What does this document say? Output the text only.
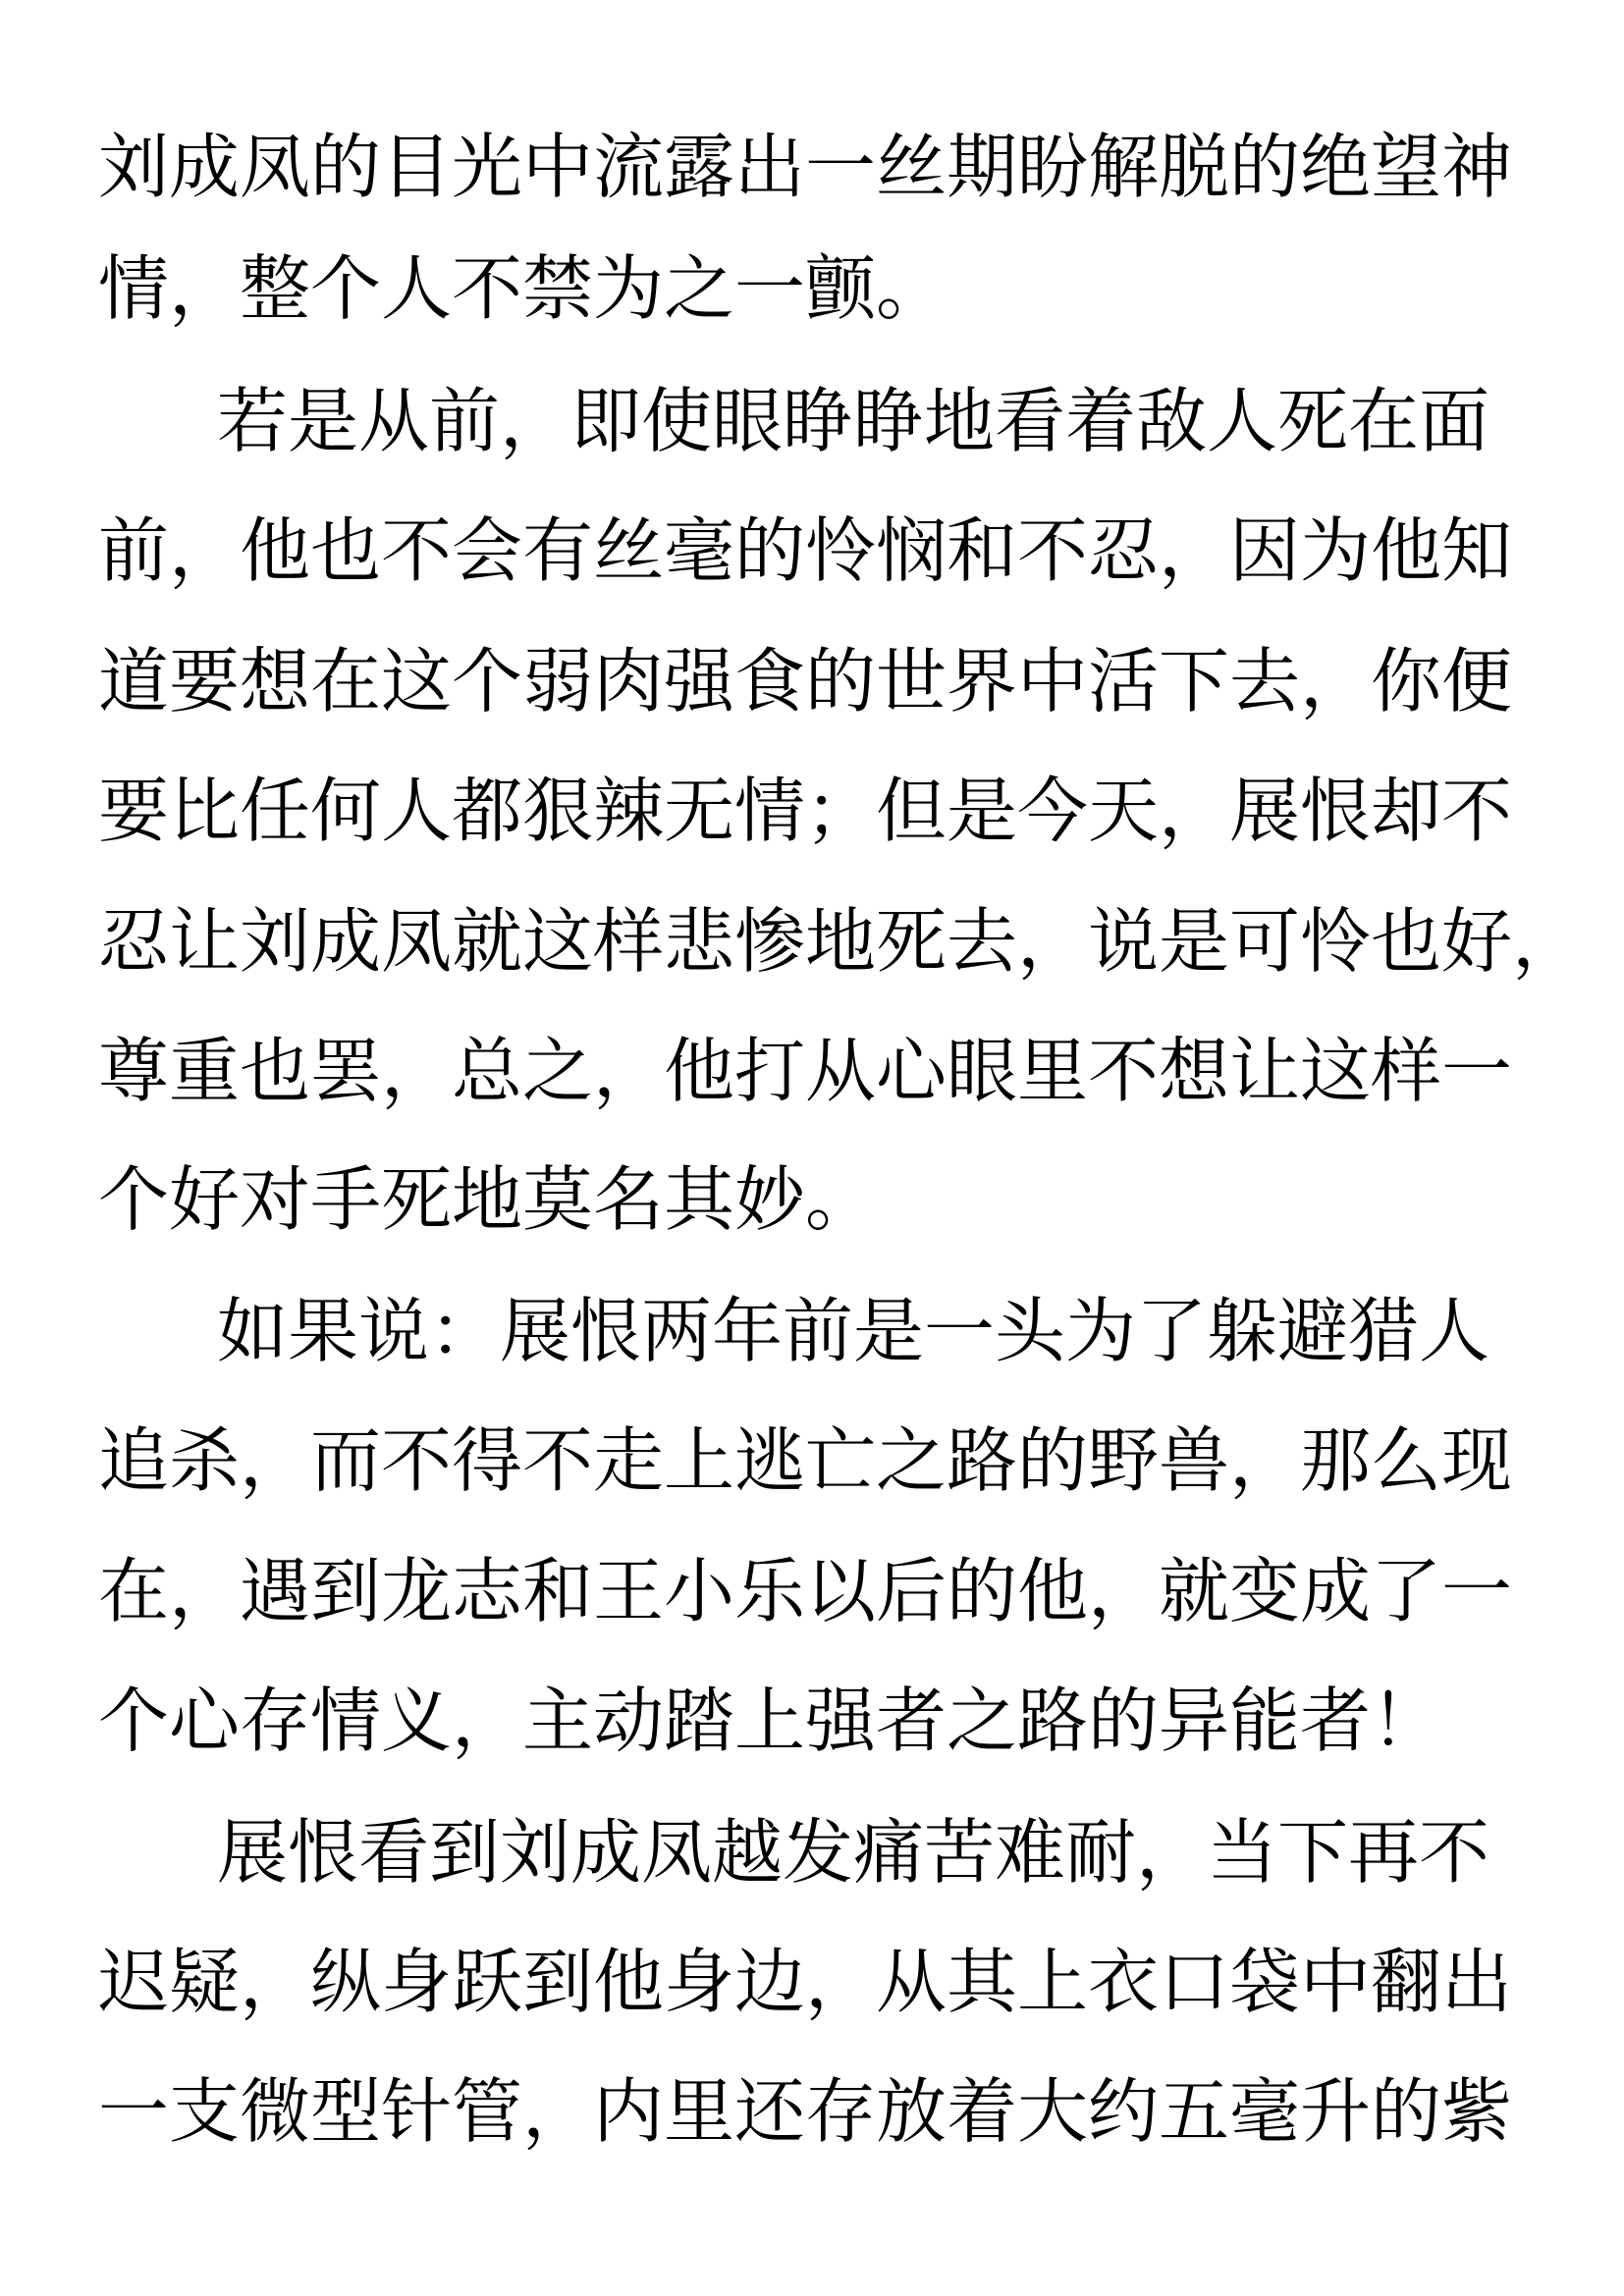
刘成凤的目光中流露出一丝期盼解脱的绝望神
情，整个人不禁为之一颤。
若是从前，即使眼睁睁地看着敌人死在面
前，他也不会有丝毫的怜悯和不忍，因为他知
道要想在这个弱肉强食的世界中活下去，你便
要比任何人都狠辣无情；但是今天，展恨却不
忍让刘成凤就这样悲惨地死去，说是可怜也好，
尊重也罢，总之，他打从心眼里不想让这样一
个好对手死地莫名其妙。
如果说：展恨两年前是一头为了躲避猎人
追杀，而不得不走上逃亡之路的野兽，那么现
在，遇到龙志和王小乐以后的他，就变成了一
个心存情义，主动踏上强者之路的异能者！
展恨看到刘成凤越发痛苦难耐，当下再不
迟疑，纵身跃到他身边，从其上衣口袋中翻出
一支微型针管，内里还存放着大约五毫升的紫
